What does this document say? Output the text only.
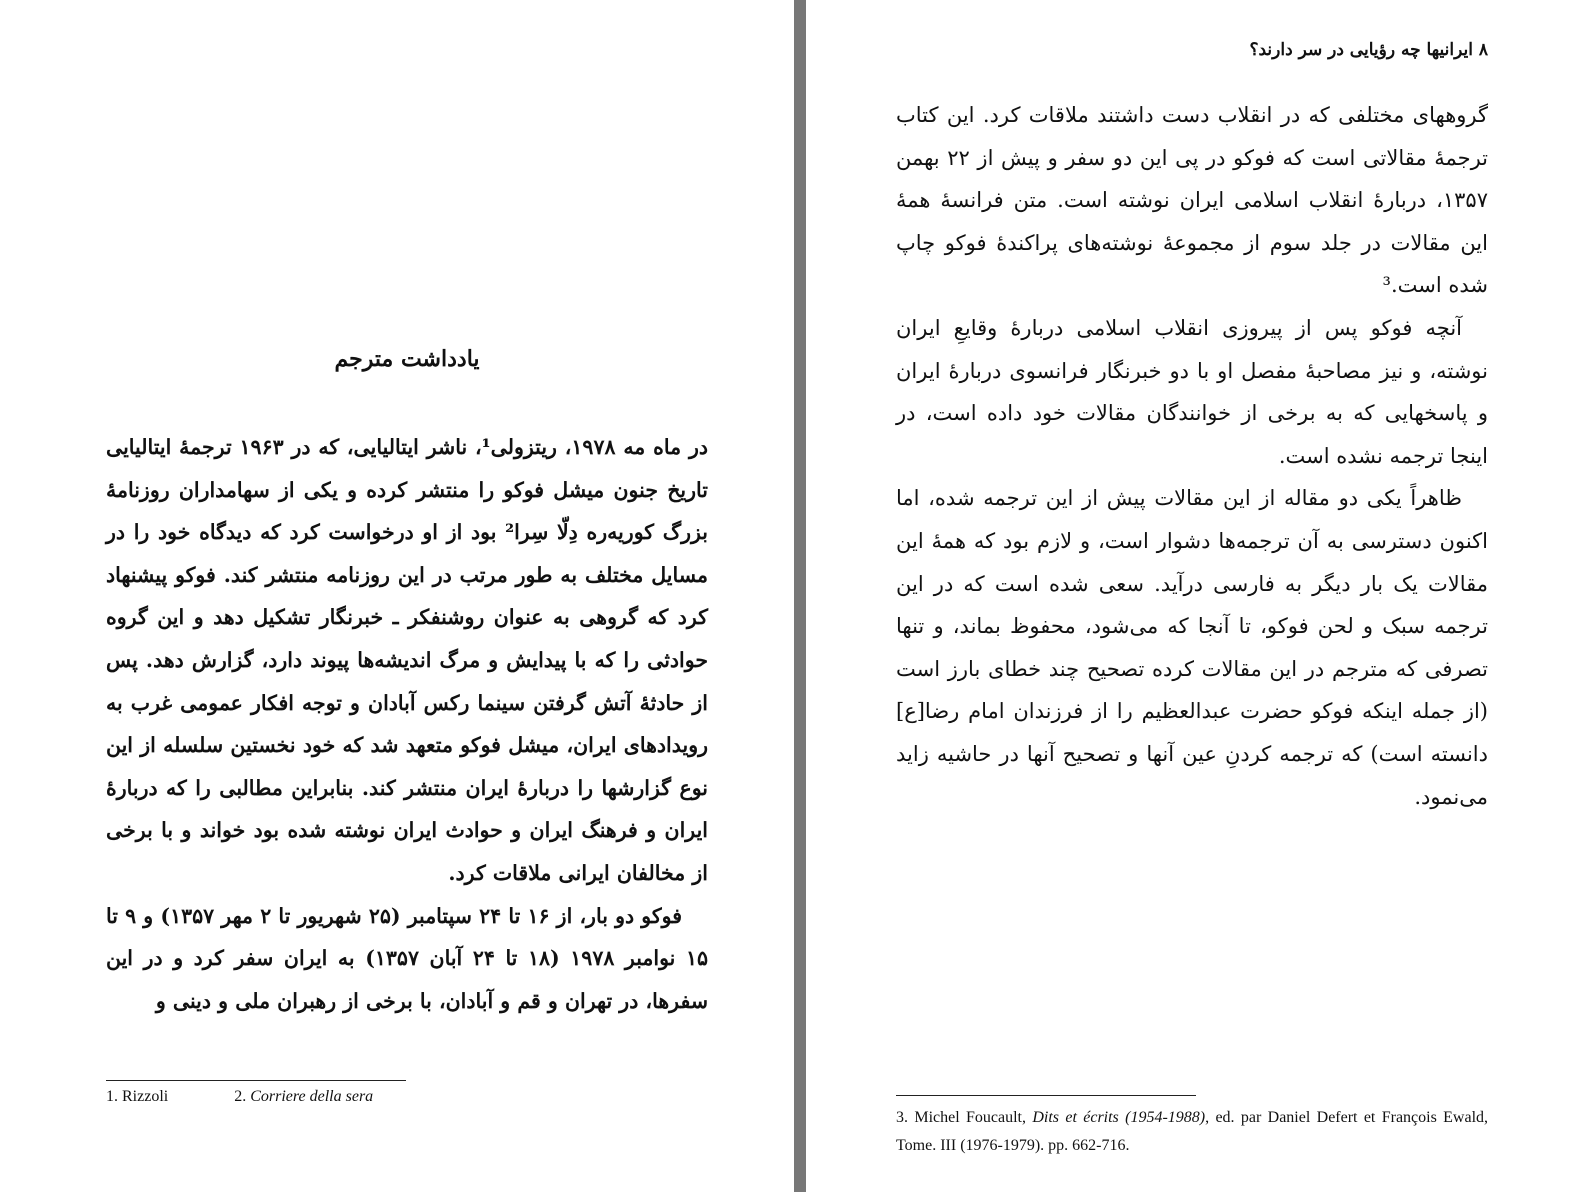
یادداشت مترجم

در ماه مه ۱۹۷۸، ریتزولی¹، ناشر ایتالیایی، که در ۱۹۶۳ ترجمهٔ ایتالیایی تاریخ جنون میشل فوکو را منتشر کرده و یکی از سهامداران روزنامهٔ بزرگ کوریه‌ره دِلّا سِرا² بود از او درخواست کرد که دیدگاه خود را در مسایل مختلف به طور مرتب در این روزنامه منتشر کند. فوکو پیشنهاد کرد که گروهی به عنوان روشنفکر ـ خبرنگار تشکیل دهد و این گروه حوادثی را که با پیدایش و مرگ اندیشه‌ها پیوند دارد، گزارش دهد. پس از حادثهٔ آتش گرفتن سینما رکس آبادان و توجه افکار عمومی غرب به رویدادهای ایران، میشل فوکو متعهد شد که خود نخستین سلسله از این نوع گزارشها را دربارهٔ ایران منتشر کند. بنابراین مطالبی را که دربارهٔ ایران و فرهنگ ایران و حوادث ایران نوشته شده بود خواند و با برخی از مخالفان ایرانی ملاقات کرد.

فوکو دو بار، از ۱۶ تا ۲۴ سپتامبر (۲۵ شهریور تا ۲ مهر ۱۳۵۷) و ۹ تا ۱۵ نوامبر ۱۹۷۸ (۱۸ تا ۲۴ آبان ۱۳۵۷) به ایران سفر کرد و در این سفرها، در تهران و قم و آبادان، با برخی از رهبران ملی و دینی و

1. Rizzoli	2. Corriere della sera
۸ ایرانیها چه رؤیایی در سر دارند؟

گروههای مختلفی که در انقلاب دست داشتند ملاقات کرد. این کتاب ترجمهٔ مقالاتی است که فوکو در پی این دو سفر و پیش از ۲۲ بهمن ۱۳۵۷، دربارهٔ انقلاب اسلامی ایران نوشته است. متن فرانسهٔ همهٔ این مقالات در جلد سوم از مجموعهٔ نوشته‌های پراکندهٔ فوکو چاپ شده است.³

آنچه فوکو پس از پیروزی انقلاب اسلامی دربارهٔ وقایعِ ایران نوشته، و نیز مصاحبهٔ مفصل او با دو خبرنگار فرانسوی دربارهٔ ایران و پاسخهایی که به برخی از خوانندگان مقالات خود داده است، در اینجا ترجمه نشده است.

ظاهراً یکی دو مقاله از این مقالات پیش از این ترجمه شده، اما اکنون دسترسی به آن ترجمه‌ها دشوار است، و لازم بود که همهٔ این مقالات یک بار دیگر به فارسی درآید. سعی شده است که در این ترجمه سبک و لحن فوکو، تا آنجا که می‌شود، محفوظ بماند، و تنها تصرفی که مترجم در این مقالات کرده تصحیح چند خطای بارز است (از جمله اینکه فوکو حضرت عبدالعظیم را از فرزندان امام رضا[ع] دانسته است) که ترجمه کردنِ عین آنها و تصحیح آنها در حاشیه زاید می‌نمود.

3. Michel Foucault, Dits et écrits (1954-1988), ed. par Daniel Defert et François Ewald, Tome. III (1976-1979). pp. 662-716.
